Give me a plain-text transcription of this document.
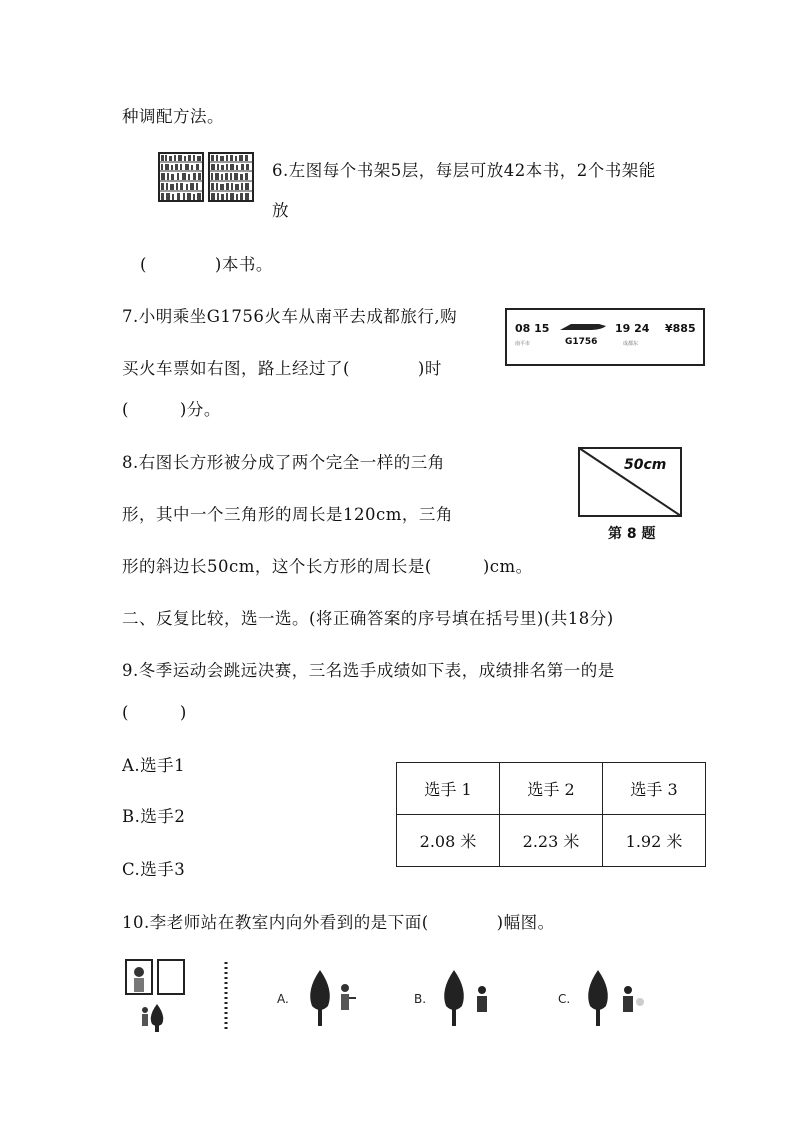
种调配方法。
6.左图每个书架5层，每层可放42本书，2个书架能
放
(　　　　)本书。
7.小明乘坐G1756火车从南平去成都旅行,购
买火车票如右图，路上经过了(　　　　)时
(　　　)分。
08 15
G1756
19 24 ¥885
南平市	成都东
8.右图长方形被分成了两个完全一样的三角
形，其中一个三角形的周长是120cm，三角
形的斜边长50cm，这个长方形的周长是(　　　)cm。
50cm
第 8 题
二、反复比较，选一选。(将正确答案的序号填在括号里)(共18分)
9.冬季运动会跳远决赛，三名选手成绩如下表，成绩排名第一的是
(　　　)
A.选手1
B.选手2
C.选手3
选手 1	选手 2	选手 3
2.08 米	2.23 米	1.92 米
10.李老师站在教室内向外看到的是下面(　　　　)幅图。
A.	B.	C.
